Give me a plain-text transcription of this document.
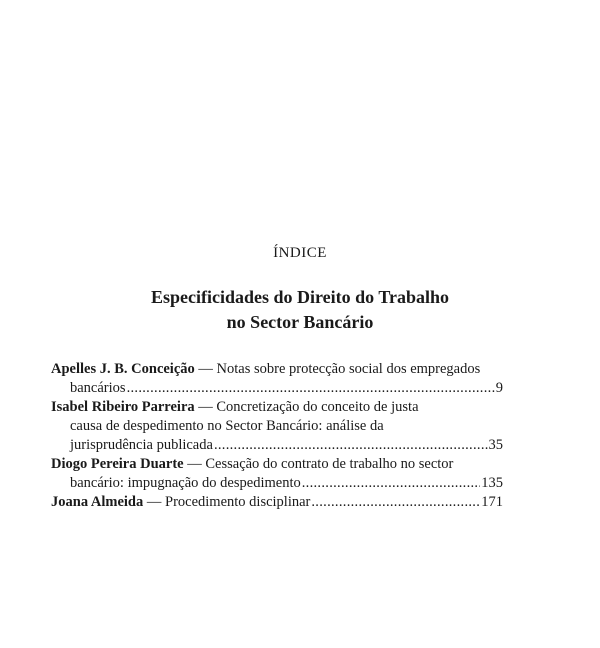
ÍNDICE
Especificidades do Direito do Trabalho
no Sector Bancário
Apelles J. B. Conceição — Notas sobre protecção social dos empregados
bancários .....	9
Isabel Ribeiro Parreira — Concretização do conceito de justa
causa de despedimento no Sector Bancário: análise da
jurisprudência publicada .....	35
Diogo Pereira Duarte — Cessação do contrato de trabalho no sector
bancário: impugnação do despedimento .....	135
Joana Almeida — Procedimento disciplinar .....	171
